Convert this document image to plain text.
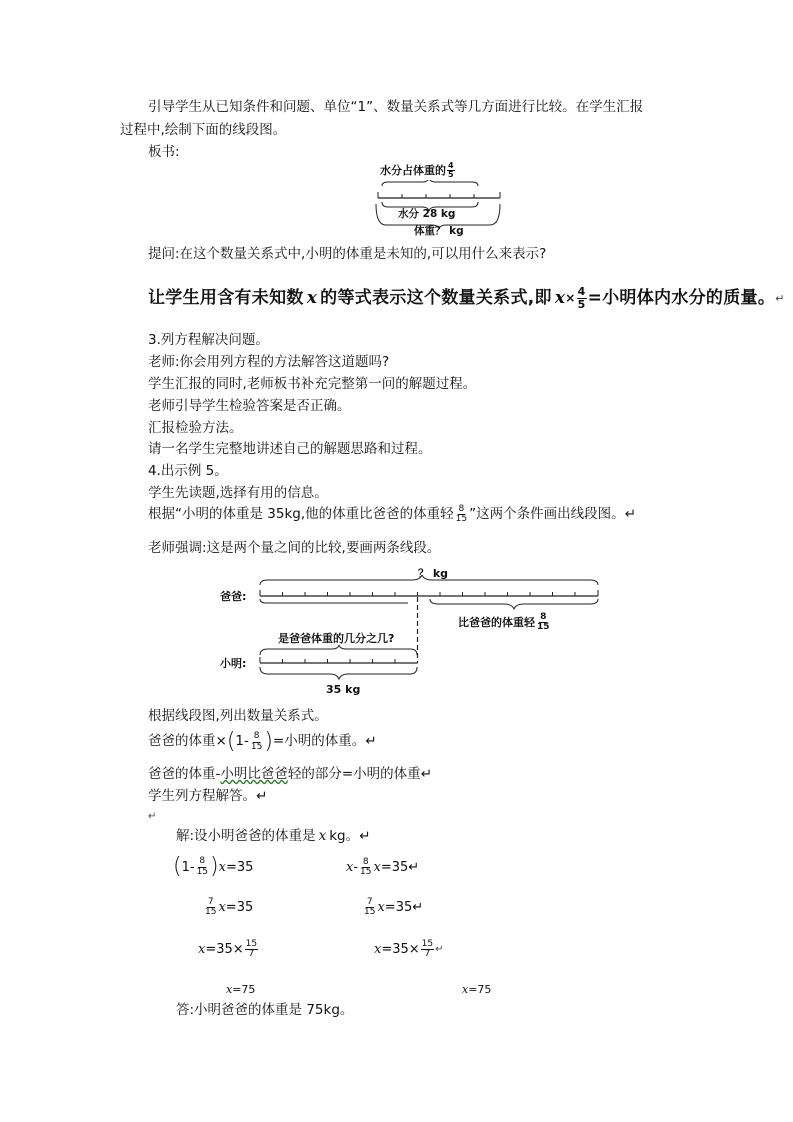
引导学生从已知条件和问题、单位“1”、数量关系式等几方面进行比较。在学生汇报
过程中,绘制下面的线段图。
板书:
水分占体重的 $\frac{4}{5}$
水分 28 kg
体重？ kg
提问:在这个数量关系式中,小明的体重是未知的,可以用什么来表示?
让学生用含有未知数 x 的等式表示这个数量关系式,即 $x \times \frac{4}{5}$ =小明体内水分的质量。 ↵
3.列方程解决问题。
老师:你会用列方程的方法解答这道题吗?
学生汇报的同时,老师板书补充完整第一问的解题过程。
老师引导学生检验答案是否正确。
汇报检验方法。
请一名学生完整地讲述自己的解题思路和过程。
4.出示例 5。
学生先读题,选择有用的信息。
根据“小明的体重是 35kg,他的体重比爸爸的体重轻 $\frac{8}{15}$ ”这两个条件画出线段图。↵
老师强调:这是两个量之间的比较,要画两条线段。
？ kg
爸爸:
小明:
是爸爸体重的几分之几?
比爸爸的体重轻 $\frac{8}{15}$
35 kg
根据线段图,列出数量关系式。
爸爸的体重× ( $1- \frac{8}{15}$ ) =小明的体重。↵
爸爸的体重-小明比爸爸轻的部分=小明的体重↵
学生列方程解答。↵
↵
解:设小明爸爸的体重是 x kg。↵
( $1- \frac{8}{15}$ ) x =35
$\frac{7}{15}$ x =35
$x =35\times \frac{15}{7}$
x=75
x - $\frac{8}{15}$ x =35↵
$\frac{7}{15}$ x =35↵
$x =35\times \frac{15}{7}$ ↵
x=75
答:小明爸爸的体重是 75kg。
